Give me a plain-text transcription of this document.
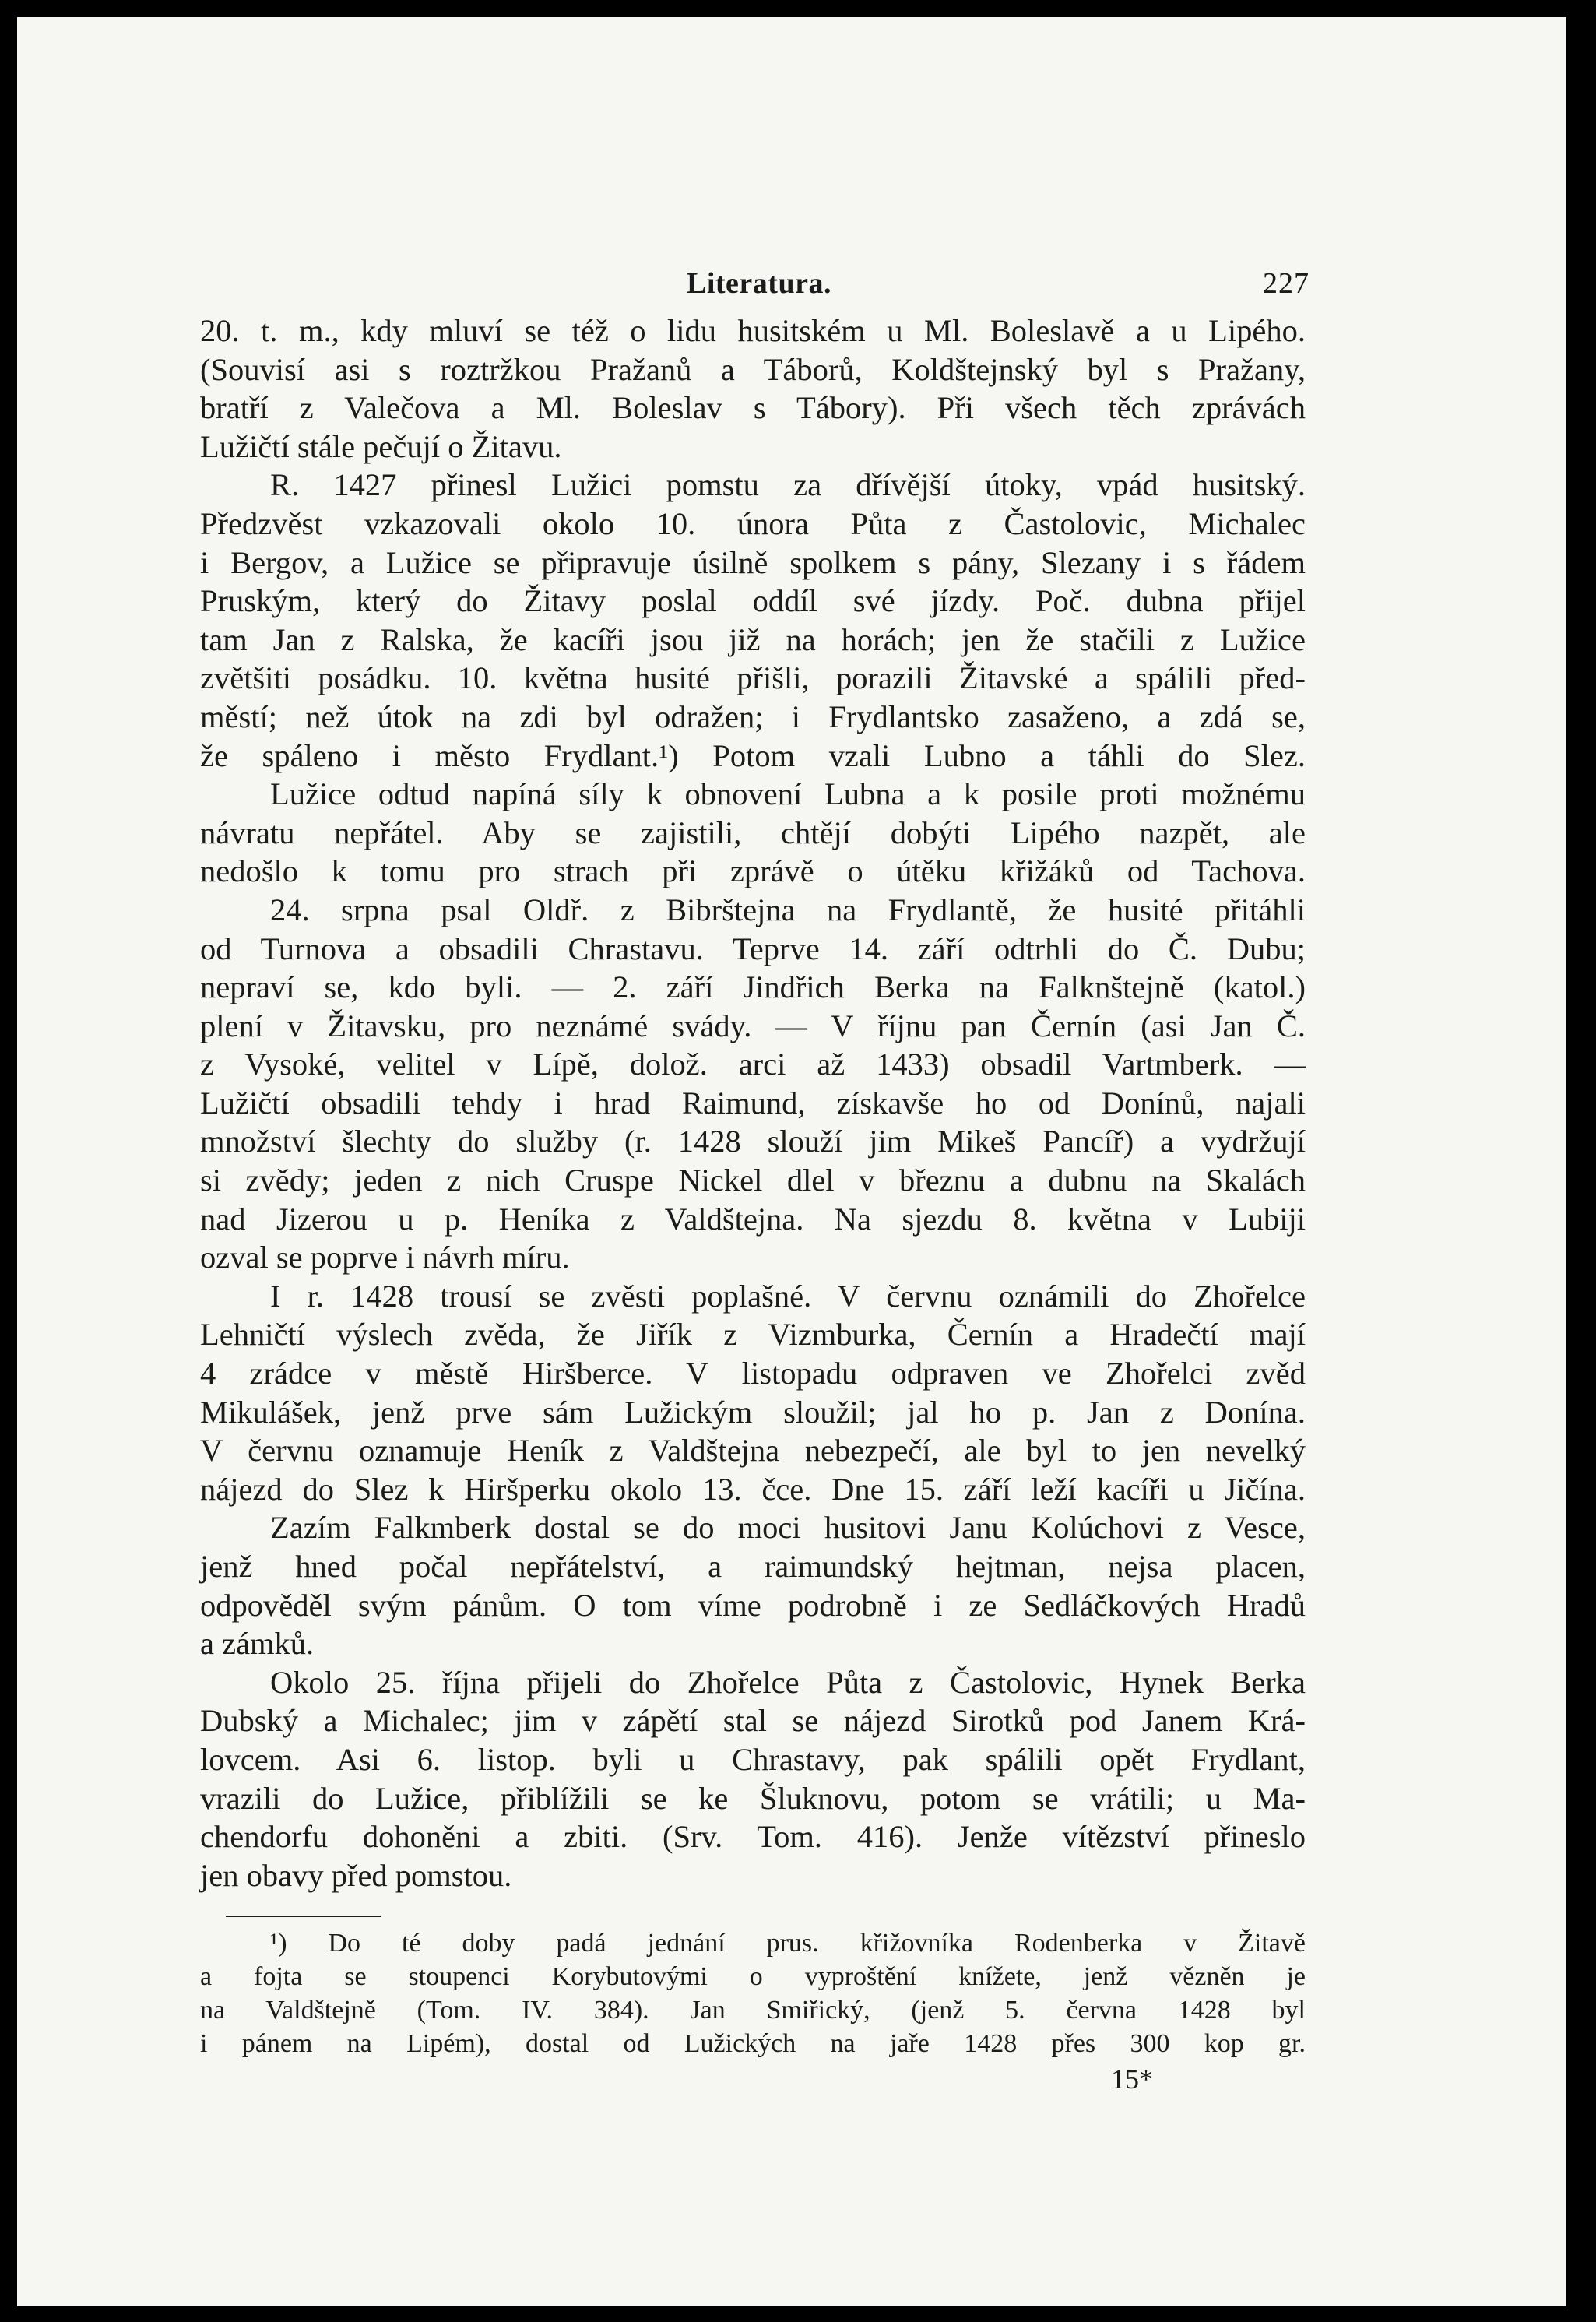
Literatura.	227
20. t. m., kdy mluví se též o lidu husitském u Ml. Boleslavě a u Lipého.
(Souvisí asi s roztržkou Pražanů a Táborů, Koldštejnský byl s Pražany,
bratří z Valečova a Ml. Boleslav s Tábory). Při všech těch zprávách
Lužičtí stále pečují o Žitavu.
R. 1427 přinesl Lužici pomstu za dřívější útoky, vpád husitský.
Předzvěst vzkazovali okolo 10. února Půta z Častolovic, Michalec
i Bergov, a Lužice se připravuje úsilně spolkem s pány, Slezany i s řádem
Pruským, který do Žitavy poslal oddíl své jízdy. Poč. dubna přijel
tam Jan z Ralska, že kacíři jsou již na horách; jen že stačili z Lužice
zvětšiti posádku. 10. května husité přišli, porazili Žitavské a spálili před-
městí; než útok na zdi byl odražen; i Frydlantsko zasaženo, a zdá se,
že spáleno i město Frydlant.¹) Potom vzali Lubno a táhli do Slez.
Lužice odtud napíná síly k obnovení Lubna a k posile proti možnému
návratu nepřátel. Aby se zajistili, chtějí dobýti Lipého nazpět, ale
nedošlo k tomu pro strach při zprávě o útěku křižáků od Tachova.
24. srpna psal Oldř. z Bibrštejna na Frydlantě, že husité přitáhli
od Turnova a obsadili Chrastavu. Teprve 14. září odtrhli do Č. Dubu;
nepraví se, kdo byli. — 2. září Jindřich Berka na Falknštejně (katol.)
plení v Žitavsku, pro neznámé svády. — V říjnu pan Černín (asi Jan Č.
z Vysoké, velitel v Lípě, dolož. arci až 1433) obsadil Vartmberk. —
Lužičtí obsadili tehdy i hrad Raimund, získavše ho od Donínů, najali
množství šlechty do služby (r. 1428 slouží jim Mikeš Pancíř) a vydržují
si zvědy; jeden z nich Cruspe Nickel dlel v březnu a dubnu na Skalách
nad Jizerou u p. Heníka z Valdštejna. Na sjezdu 8. května v Lubiji
ozval se poprve i návrh míru.
I r. 1428 trousí se zvěsti poplašné. V červnu oznámili do Zhořelce
Lehničtí výslech zvěda, že Jiřík z Vizmburka, Černín a Hradečtí mají
4 zrádce v městě Hiršberce. V listopadu odpraven ve Zhořelci zvěd
Mikulášek, jenž prve sám Lužickým sloužil; jal ho p. Jan z Donína.
V červnu oznamuje Heník z Valdštejna nebezpečí, ale byl to jen nevelký
nájezd do Slez k Hiršperku okolo 13. čce. Dne 15. září leží kacíři u Jičína.
Zazím Falkmberk dostal se do moci husitovi Janu Kolúchovi z Vesce,
jenž hned počal nepřátelství, a raimundský hejtman, nejsa placen,
odpověděl svým pánům. O tom víme podrobně i ze Sedláčkových Hradů
a zámků.
Okolo 25. října přijeli do Zhořelce Půta z Častolovic, Hynek Berka
Dubský a Michalec; jim v zápětí stal se nájezd Sirotků pod Janem Krá-
lovcem. Asi 6. listop. byli u Chrastavy, pak spálili opět Frydlant,
vrazili do Lužice, přiblížili se ke Šluknovu, potom se vrátili; u Ma-
chendorfu dohoněni a zbiti. (Srv. Tom. 416). Jenže vítězství přineslo
jen obavy před pomstou.
¹) Do té doby padá jednání prus. křižovníka Rodenberka v Žitavě
a fojta se stoupenci Korybutovými o vyproštění knížete, jenž vězněn je
na Valdštejně (Tom. IV. 384). Jan Smiřický, (jenž 5. června 1428 byl
i pánem na Lipém), dostal od Lužických na jaře 1428 přes 300 kop gr.
15*
